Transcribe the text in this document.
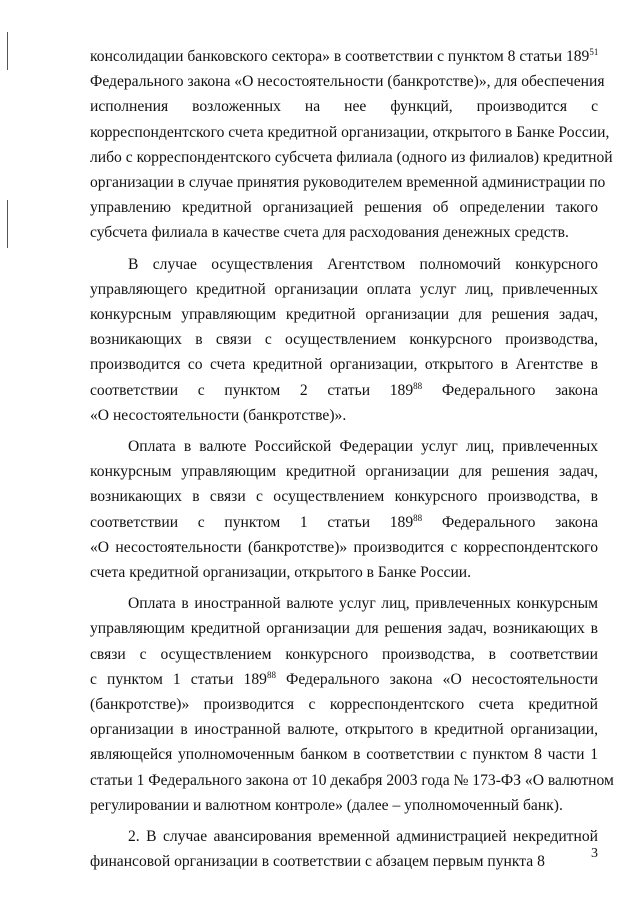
консолидации банковского сектора» в соответствии с пунктом 8 статьи $189^{51}$
Федерального закона «О несостоятельности (банкротстве)», для обеспечения
исполнения возложенных на нее функций, производится с
корреспондентского счета кредитной организации, открытого в Банке России,
либо с корреспондентского субсчета филиала (одного из филиалов) кредитной
организации в случае принятия руководителем временной администрации по
управлению кредитной организацией решения об определении такого
субсчета филиала в качестве счета для расходования денежных средств.

В случае осуществления Агентством полномочий конкурсного
управляющего кредитной организации оплата услуг лиц, привлеченных
конкурсным управляющим кредитной организации для решения задач,
возникающих в связи с осуществлением конкурсного производства,
производится со счета кредитной организации, открытого в Агентстве в
соответствии с пунктом 2 статьи $189^{88}$ Федерального закона
«О несостоятельности (банкротстве)».

Оплата в валюте Российской Федерации услуг лиц, привлеченных
конкурсным управляющим кредитной организации для решения задач,
возникающих в связи с осуществлением конкурсного производства, в
соответствии с пунктом 1 статьи $189^{88}$ Федерального закона
«О несостоятельности (банкротстве)» производится с корреспондентского
счета кредитной организации, открытого в Банке России.

Оплата в иностранной валюте услуг лиц, привлеченных конкурсным
управляющим кредитной организации для решения задач, возникающих в
связи с осуществлением конкурсного производства, в соответствии
с пунктом 1 статьи $189^{88}$ Федерального закона «О несостоятельности
(банкротстве)» производится с корреспондентского счета кредитной
организации в иностранной валюте, открытого в кредитной организации,
являющейся уполномоченным банком в соответствии с пунктом 8 части 1
статьи 1 Федерального закона от 10 декабря 2003 года № 173-ФЗ «О валютном
регулировании и валютном контроле» (далее – уполномоченный банк).

2. В случае авансирования временной администрацией некредитной
финансовой организации в соответствии с абзацем первым пункта 8	3
